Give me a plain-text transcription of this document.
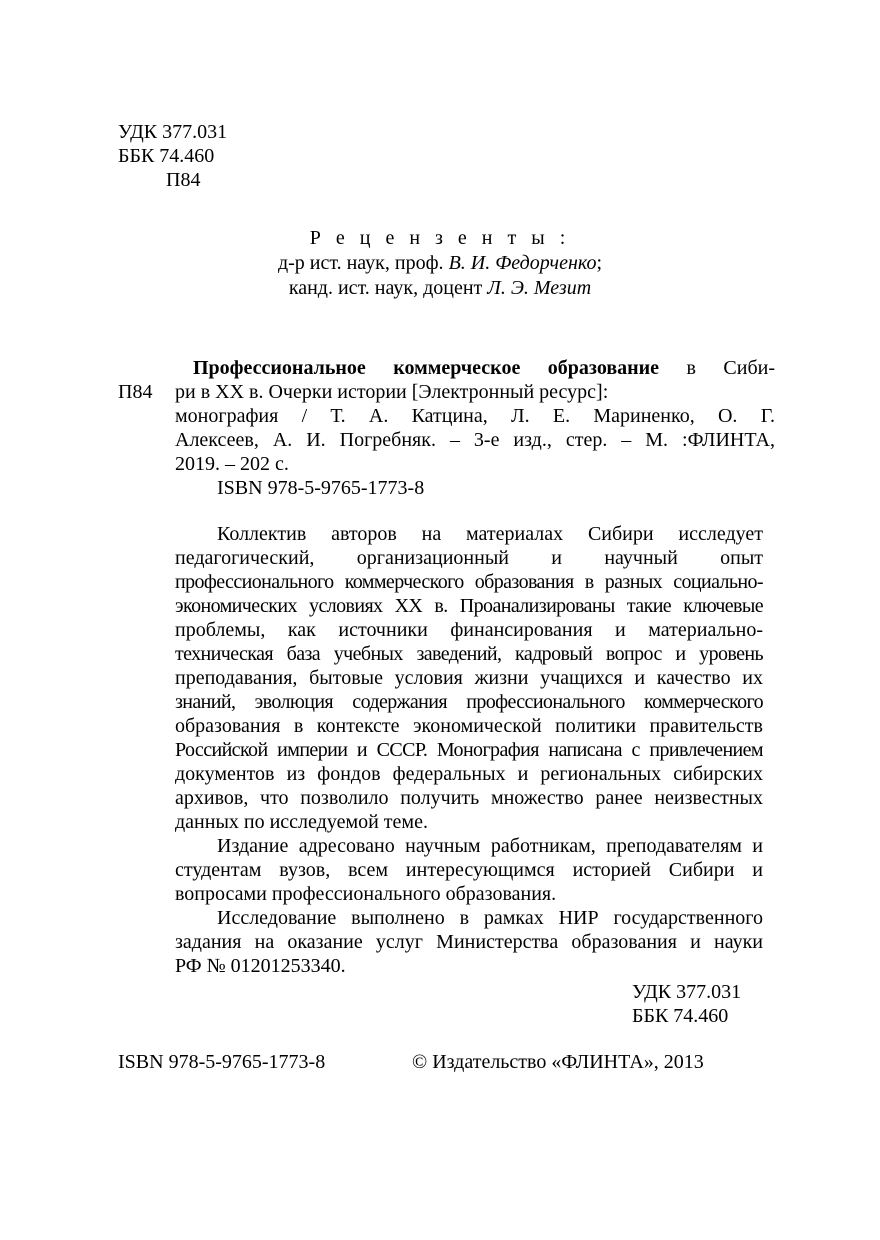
УДК 377.031
ББК 74.460
П84
Р е ц е н з е н т ы :
д-р ист. наук, проф. В. И. Федорченко;
канд. ист. наук, доцент Л. Э. Мезит
П84
Профессиональное коммерческое образование в Сиби-
ри в XX в. Очерки истории [Электронный ресурс]:
монография / Т. А. Катцина, Л. Е. Мариненко, О. Г.
Алексеев, А. И. Погребняк. – 3-е изд., стер. – М. :ФЛИНТА,
2019. – 202 с.
ISBN 978-5-9765-1773-8
Коллектив авторов на материалах Сибири исследует
педагогический, организационный и научный опыт
профессионального коммерческого образования в разных социально-
экономических условиях XX в. Проанализированы такие ключевые
проблемы, как источники финансирования и материально-
техническая база учебных заведений, кадровый вопрос и уровень
преподавания, бытовые условия жизни учащихся и качество их
знаний, эволюция содержания профессионального коммерческого
образования в контексте экономической политики правительств
Российской империи и СССР. Монография написана с привлечением
документов из фондов федеральных и региональных сибирских
архивов, что позволило получить множество ранее неизвестных
данных по исследуемой теме.
Издание адресовано научным работникам, преподавателям и
студентам вузов, всем интересующимся историей Сибири и
вопросами профессионального образования.
Исследование выполнено в рамках НИР государственного
задания на оказание услуг Министерства образования и науки
РФ № 01201253340.
УДК 377.031
ББК 74.460
ISBN 978-5-9765-1773-8	© Издательство «ФЛИНТА», 2013
